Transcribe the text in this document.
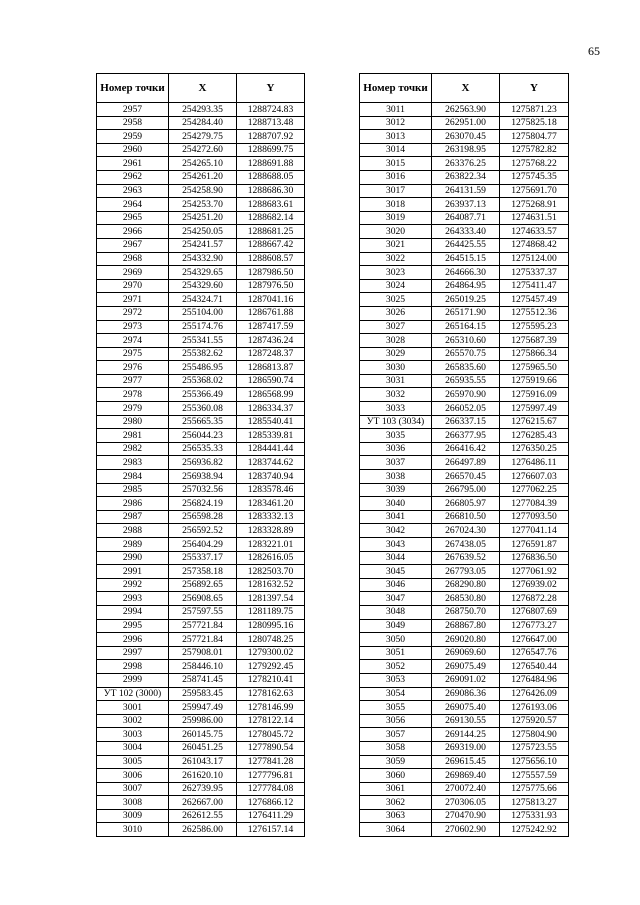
65
Номер точки	X	Y
2957	254293.35	1288724.83
2958	254284.40	1288713.48
2959	254279.75	1288707.92
2960	254272.60	1288699.75
2961	254265.10	1288691.88
2962	254261.20	1288688.05
2963	254258.90	1288686.30
2964	254253.70	1288683.61
2965	254251.20	1288682.14
2966	254250.05	1288681.25
2967	254241.57	1288667.42
2968	254332.90	1288608.57
2969	254329.65	1287986.50
2970	254329.60	1287976.50
2971	254324.71	1287041.16
2972	255104.00	1286761.88
2973	255174.76	1287417.59
2974	255341.55	1287436.24
2975	255382.62	1287248.37
2976	255486.95	1286813.87
2977	255368.02	1286590.74
2978	255366.49	1286568.99
2979	255360.08	1286334.37
2980	255665.35	1285540.41
2981	256044.23	1285339.81
2982	256535.33	1284441.44
2983	256936.82	1283744.62
2984	256938.94	1283740.94
2985	257032.56	1283578.46
2986	256824.19	1283461.20
2987	256598.28	1283332.13
2988	256592.52	1283328.89
2989	256404.29	1283221.01
2990	255337.17	1282616.05
2991	257358.18	1282503.70
2992	256892.65	1281632.52
2993	256908.65	1281397.54
2994	257597.55	1281189.75
2995	257721.84	1280995.16
2996	257721.84	1280748.25
2997	257908.01	1279300.02
2998	258446.10	1279292.45
2999	258741.45	1278210.41
УТ 102 (3000)	259583.45	1278162.63
3001	259947.49	1278146.99
3002	259986.00	1278122.14
3003	260145.75	1278045.72
3004	260451.25	1277890.54
3005	261043.17	1277841.28
3006	261620.10	1277796.81
3007	262739.95	1277784.08
3008	262667.00	1276866.12
3009	262612.55	1276411.29
3010	262586.00	1276157.14
Номер точки	X	Y
3011	262563.90	1275871.23
3012	262951.00	1275825.18
3013	263070.45	1275804.77
3014	263198.95	1275782.82
3015	263376.25	1275768.22
3016	263822.34	1275745.35
3017	264131.59	1275691.70
3018	263937.13	1275268.91
3019	264087.71	1274631.51
3020	264333.40	1274633.57
3021	264425.55	1274868.42
3022	264515.15	1275124.00
3023	264666.30	1275337.37
3024	264864.95	1275411.47
3025	265019.25	1275457.49
3026	265171.90	1275512.36
3027	265164.15	1275595.23
3028	265310.60	1275687.39
3029	265570.75	1275866.34
3030	265835.60	1275965.50
3031	265935.55	1275919.66
3032	265970.90	1275916.09
3033	266052.05	1275997.49
УТ 103 (3034)	266337.15	1276215.67
3035	266377.95	1276285.43
3036	266416.42	1276350.25
3037	266497.89	1276486.11
3038	266570.45	1276607.03
3039	266795.00	1277062.25
3040	266805.97	1277084.39
3041	266810.50	1277093.50
3042	267024.30	1277041.14
3043	267438.05	1276591.87
3044	267639.52	1276836.50
3045	267793.05	1277061.92
3046	268290.80	1276939.02
3047	268530.80	1276872.28
3048	268750.70	1276807.69
3049	268867.80	1276773.27
3050	269020.80	1276647.00
3051	269069.60	1276547.76
3052	269075.49	1276540.44
3053	269091.02	1276484.96
3054	269086.36	1276426.09
3055	269075.40	1276193.06
3056	269130.55	1275920.57
3057	269144.25	1275804.90
3058	269319.00	1275723.55
3059	269615.45	1275656.10
3060	269869.40	1275557.59
3061	270072.40	1275775.66
3062	270306.05	1275813.27
3063	270470.90	1275331.93
3064	270602.90	1275242.92
